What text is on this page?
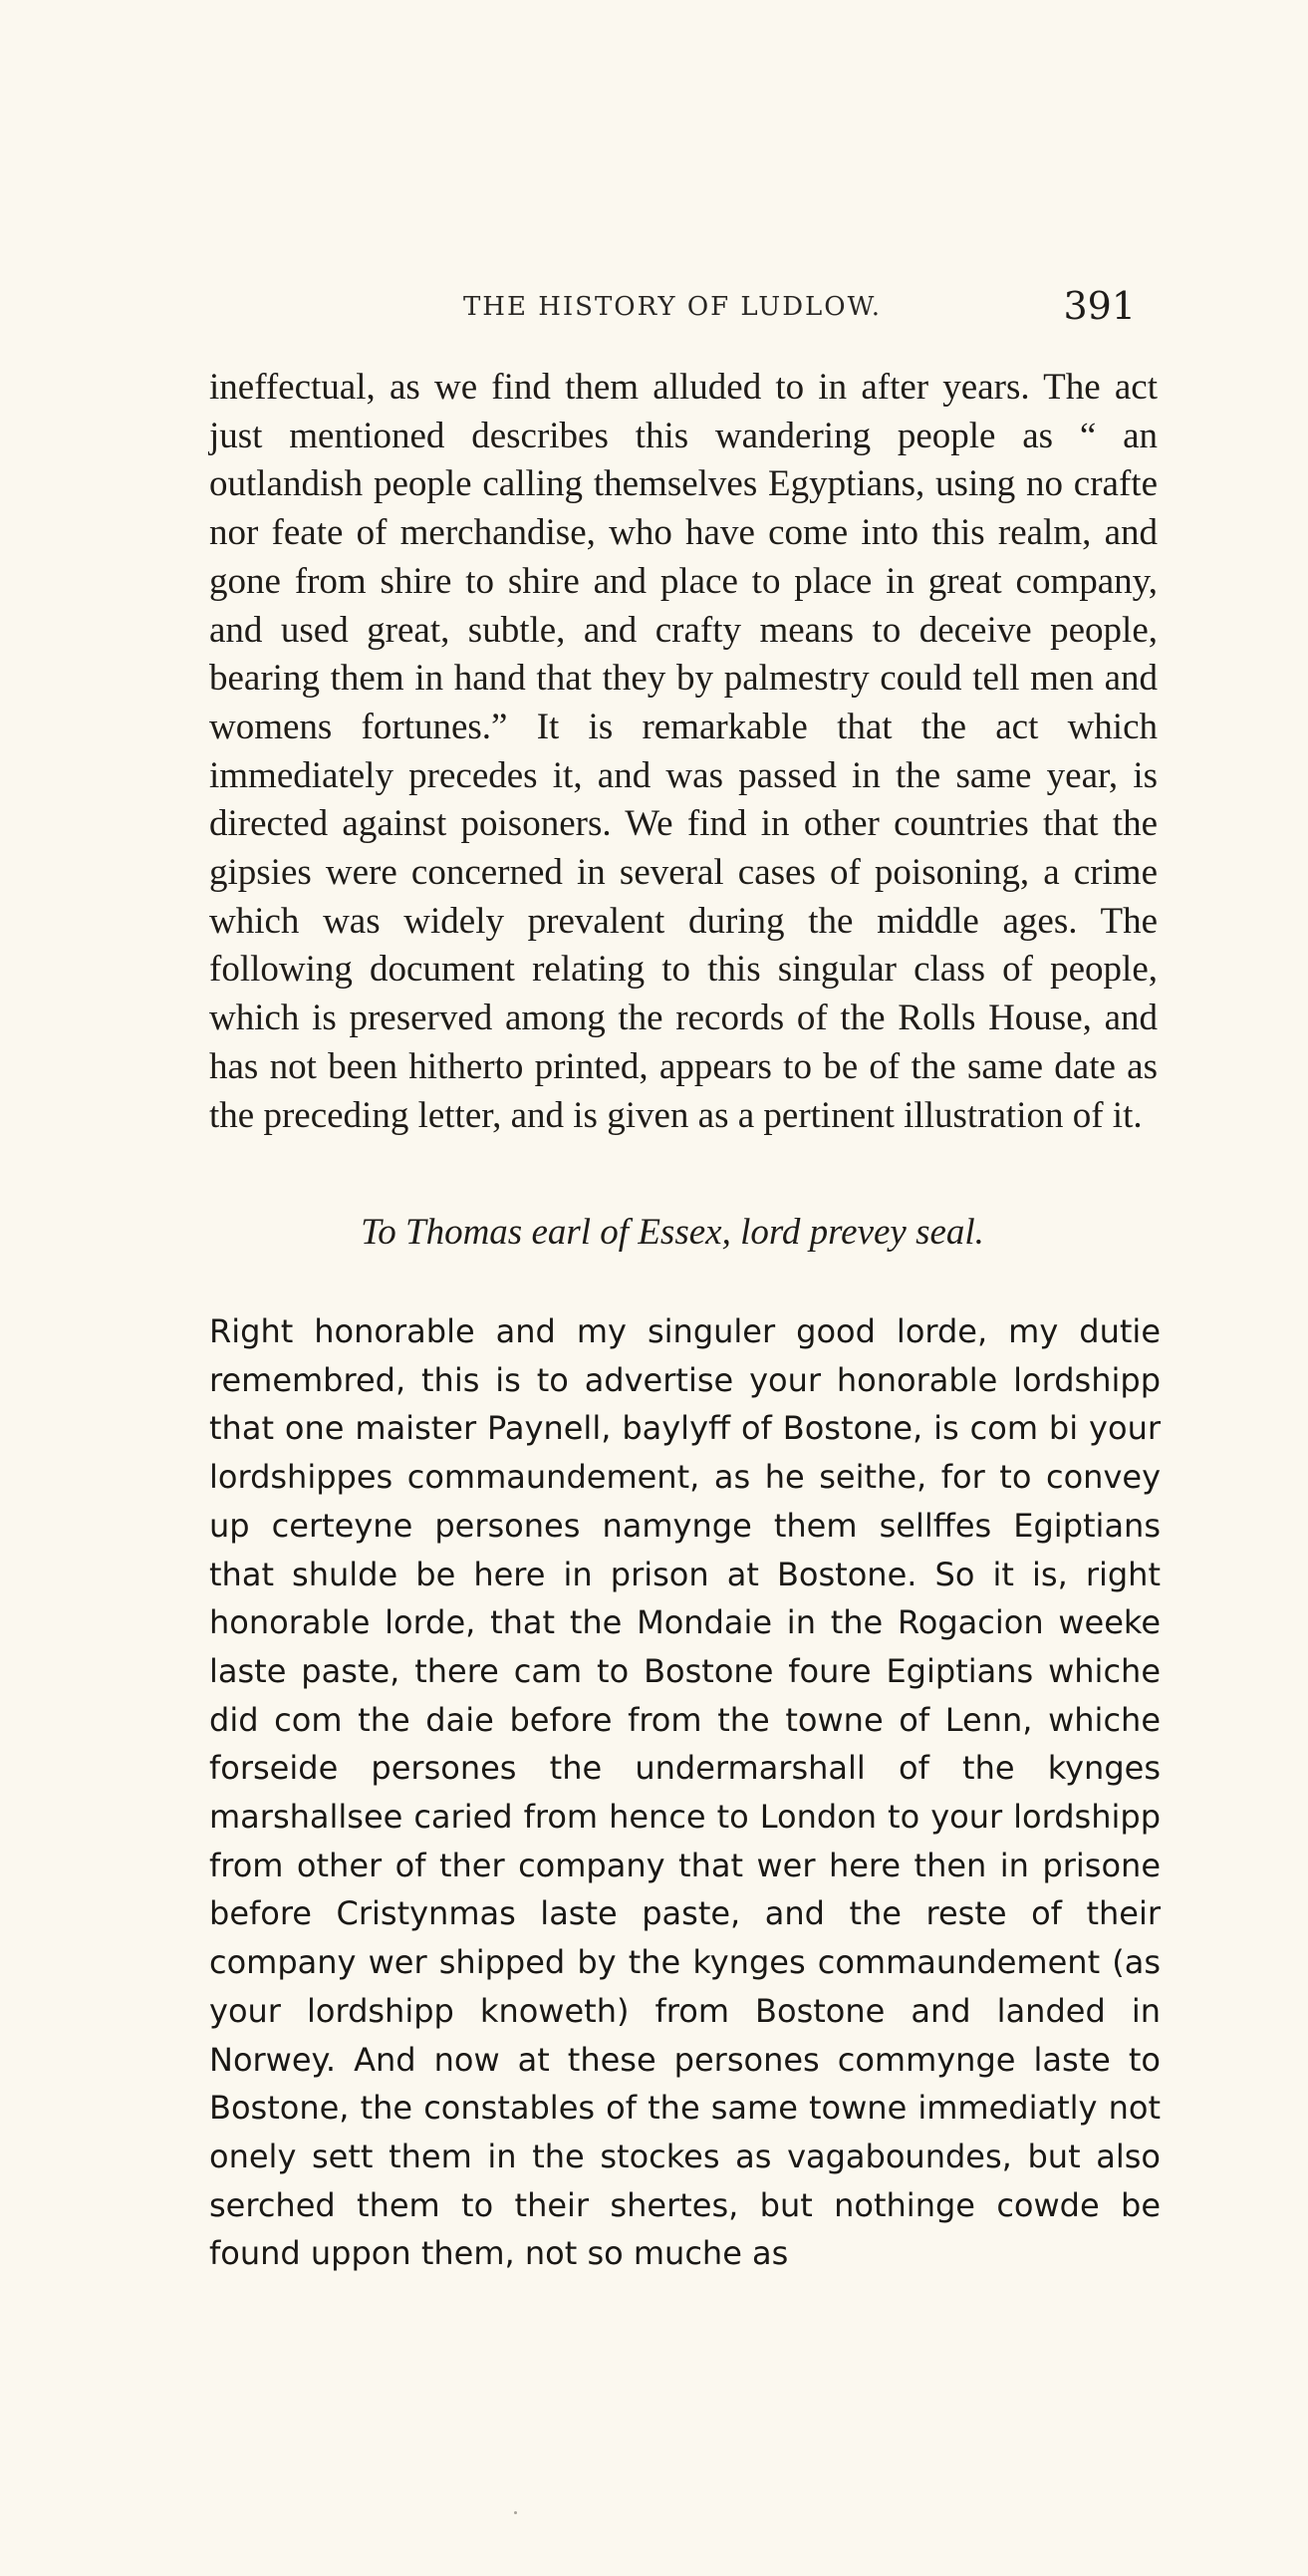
THE HISTORY OF LUDLOW.	391

ineffectual, as we find them alluded to in after years. The act just mentioned describes this wandering people as “ an outlandish people calling themselves Egyptians, using no crafte nor feate of merchandise, who have come into this realm, and gone from shire to shire and place to place in great company, and used great, subtle, and crafty means to deceive people, bearing them in hand that they by palmestry could tell men and womens fortunes.” It is remarkable that the act which immediately precedes it, and was passed in the same year, is directed against poisoners. We find in other countries that the gipsies were concerned in several cases of poisoning, a crime which was widely prevalent during the middle ages. The following document relating to this singular class of people, which is preserved among the records of the Rolls House, and has not been hitherto printed, appears to be of the same date as the preceding letter, and is given as a pertinent illustration of it.

To Thomas earl of Essex, lord prevey seal.

Right honorable and my singuler good lorde, my dutie remembred, this is to advertise your honorable lordshipp that one maister Paynell, baylyff of Bostone, is com bi your lordshippes commaundement, as he seithe, for to convey up certeyne persones namynge them sellffes Egiptians that shulde be here in prison at Bostone. So it is, right honorable lorde, that the Mondaie in the Rogacion weeke laste paste, there cam to Bostone foure Egiptians whiche did com the daie before from the towne of Lenn, whiche forseide persones the undermarshall of the kynges marshallsee caried from hence to London to your lordshipp from other of ther company that wer here then in prisone before Cristynmas laste paste, and the reste of their company wer shipped by the kynges commaundement (as your lordshipp knoweth) from Bostone and landed in Norwey. And now at these persones commynge laste to Bostone, the constables of the same towne immediatly not onely sett them in the stockes as vagaboundes, but also serched them to their shertes, but nothinge cowde be found uppon them, not so muche as
